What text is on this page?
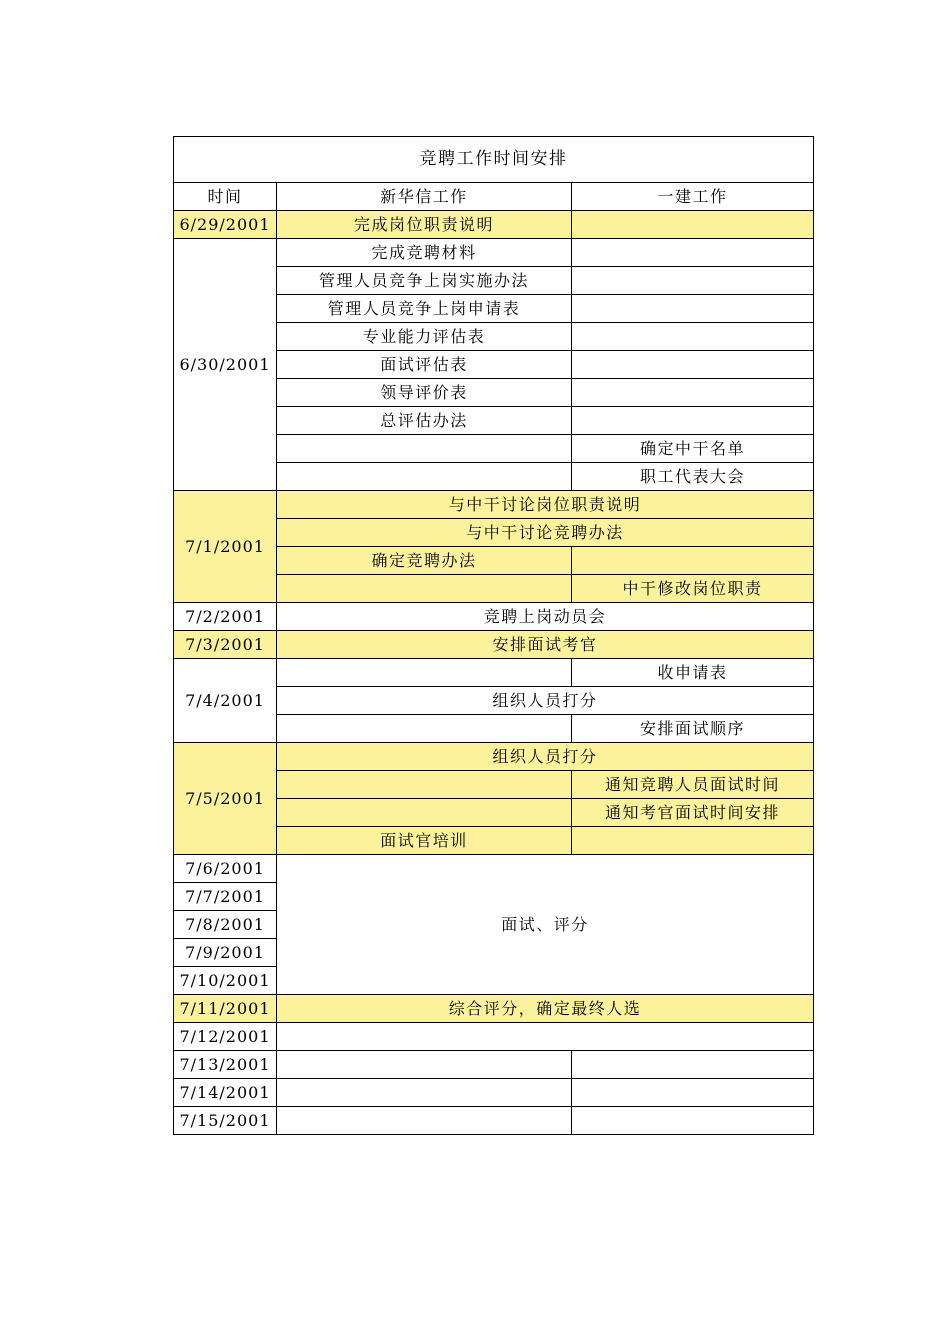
竞聘工作时间安排		
时间	新华信工作	一建工作
6/29/2001	完成岗位职责说明	
6/30/2001	完成竞聘材料	
	管理人员竞争上岗实施办法	
	管理人员竞争上岗申请表	
	专业能力评估表	
	面试评估表	
	领导评价表	
	总评估办法	
		确定中干名单
		职工代表大会
7/1/2001	与中干讨论岗位职责说明	
	与中干讨论竞聘办法	
	确定竞聘办法	
		中干修改岗位职责
7/2/2001	竞聘上岗动员会	
7/3/2001	安排面试考官	
7/4/2001		收申请表
	组织人员打分	
		安排面试顺序
7/5/2001	组织人员打分	
		通知竞聘人员面试时间
		通知考官面试时间安排
	面试官培训	
7/6/2001	面试、评分	
7/7/2001		
7/8/2001		
7/9/2001		
7/10/2001		
7/11/2001	综合评分，确定最终人选	
7/12/2001		
7/13/2001		
7/14/2001		
7/15/2001		
